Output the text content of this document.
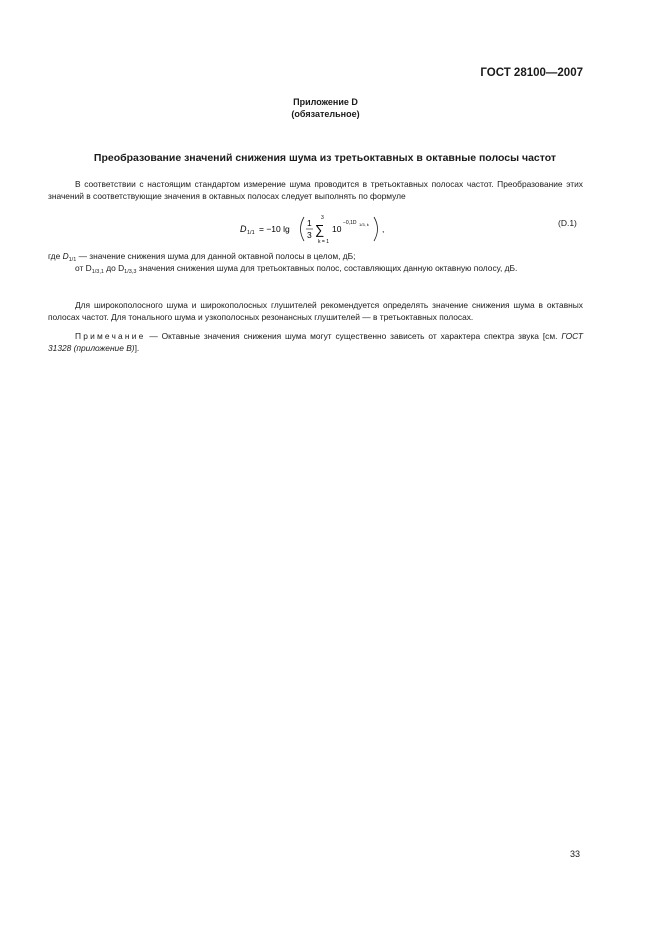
ГОСТ 28100—2007
Приложение D
(обязательное)
Преобразование значений снижения шума из третьоктавных в октавные полосы частот
В соответствии с настоящим стандартом измерение шума проводится в третьоктавных полосах частот. Преобразование этих значений в соответствующие значения в октавных полосах следует выполнять по формуле
D 1/1 = −10 lg
1
3
3
∑
k = 1
10
−0,1D 1/3, k ,
(D.1)
где $D_{1/1}$ — значение снижения шума для данной октавной полосы в целом, дБ;
от $D_{1/3,1}$ до $D_{1/3,3}$ значения снижения шума для третьоктавных полос, составляющих данную октавную полосу, дБ.
Для широкополосного шума и широкополосных глушителей рекомендуется определять значение снижения шума в октавных полосах частот. Для тонального шума и узкополосных резонансных глушителей — в третьоктавных полосах.
Примечание — Октавные значения снижения шума могут существенно зависеть от характера спектра звука [см. ГОСТ 31328 (приложение В)].
33
